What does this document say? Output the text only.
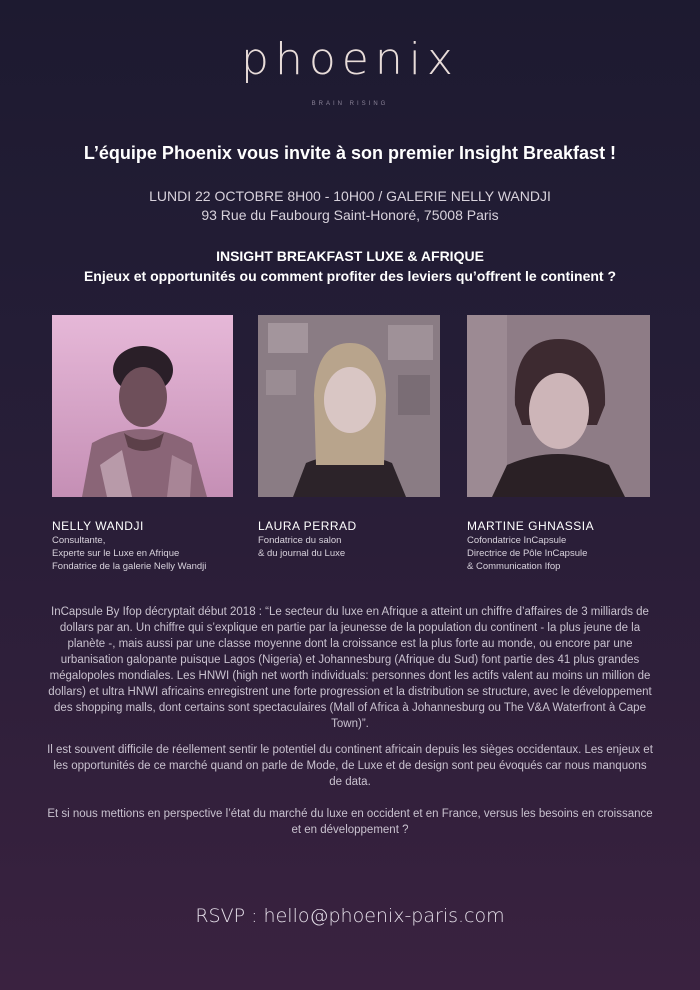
phoenix
BRAIN RISING
L’équipe Phoenix vous invite à son premier Insight Breakfast !
LUNDI 22 OCTOBRE 8H00 - 10H00 / GALERIE NELLY WANDJI
93 Rue du Faubourg Saint-Honoré, 75008 Paris
INSIGHT BREAKFAST LUXE & AFRIQUE
Enjeux et opportunités ou comment profiter des leviers qu’offrent le continent ?
NELLY WANDJI
Consultante,
Experte sur le Luxe en Afrique
Fondatrice de la galerie Nelly Wandji
LAURA PERRAD
Fondatrice du salon
& du journal du Luxe
MARTINE GHNASSIA
Cofondatrice InCapsule
Directrice de Pôle InCapsule
& Communication Ifop
InCapsule By Ifop décryptait début 2018 : “Le secteur du luxe en Afrique a atteint un chiffre d’affaires de 3 milliards de dollars par an. Un chiffre qui s’explique en partie par la jeunesse de la population du continent - la plus jeune de la planète -, mais aussi par une classe moyenne dont la croissance est la plus forte au monde, ou encore par une urbanisation galopante puisque Lagos (Nigeria) et Johannesburg (Afrique du Sud) font partie des 41 plus grandes mégalopoles mondiales. Les HNWI (high net worth individuals: personnes dont les actifs valent au moins un million de dollars) et ultra HNWI africains enregistrent une forte progression et la distribution se structure, avec le développement des shopping malls, dont certains sont spectaculaires (Mall of Africa à Johannesburg ou The V&A Waterfront à Cape Town)”.
Il est souvent difficile de réellement sentir le potentiel du continent africain depuis les sièges occidentaux. Les enjeux et les opportunités de ce marché quand on parle de Mode, de Luxe et de design sont peu évoqués car nous manquons de data.
Et si nous mettions en perspective l’état du marché du luxe en occident et en France, versus les besoins en croissance et en développement ?
RSVP : hello@phoenix-paris.com
